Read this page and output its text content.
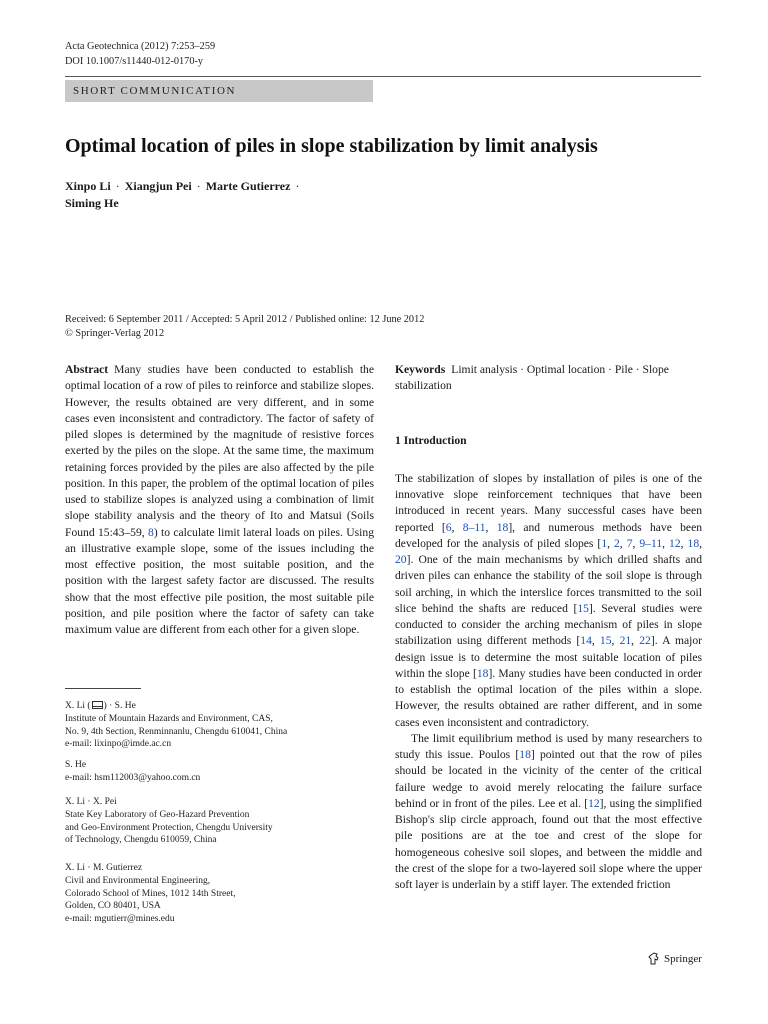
Acta Geotechnica (2012) 7:253–259
DOI 10.1007/s11440-012-0170-y
SHORT COMMUNICATION
Optimal location of piles in slope stabilization by limit analysis
Xinpo Li · Xiangjun Pei · Marte Gutierrez ·
Siming He
Received: 6 September 2011 / Accepted: 5 April 2012 / Published online: 12 June 2012
© Springer-Verlag 2012
Abstract Many studies have been conducted to establish the optimal location of a row of piles to reinforce and stabilize slopes. However, the results obtained are very different, and in some cases even inconsistent and contradictory. The factor of safety of piled slopes is determined by the magnitude of resistive forces exerted by the piles on the slope. At the same time, the maximum retaining forces provided by the piles are also affected by the pile position. In this paper, the problem of the optimal location of piles used to stabilize slopes is analyzed using a combination of limit slope stability analysis and the theory of Ito and Matsui (Soils Found 15:43–59, 8) to calculate limit lateral loads on piles. Using an illustrative example slope, some of the issues including the most effective position, the most suitable position, and the position with the largest safety factor are discussed. The results show that the most effective pile position, the most suitable pile position, and pile position where the factor of safety can take maximum value are different from each other for a given slope.
X. Li ( ) · S. He
Institute of Mountain Hazards and Environment, CAS,
No. 9, 4th Section, Renminnanlu, Chengdu 610041, China
e-mail: lixinpo@imde.ac.cn
S. He
e-mail: hsm112003@yahoo.com.cn
X. Li · X. Pei
State Key Laboratory of Geo-Hazard Prevention
and Geo-Environment Protection, Chengdu University
of Technology, Chengdu 610059, China
X. Li · M. Gutierrez
Civil and Environmental Engineering,
Colorado School of Mines, 1012 14th Street,
Golden, CO 80401, USA
e-mail: mgutierr@mines.edu
Keywords Limit analysis · Optimal location · Pile · Slope stabilization
1 Introduction

The stabilization of slopes by installation of piles is one of the innovative slope reinforcement techniques that have been introduced in recent years. Many successful cases have been reported [6, 8–11, 18], and numerous methods have been developed for the analysis of piled slopes [1, 2, 7, 9–11, 12, 18, 20]. One of the main mechanisms by which drilled shafts and driven piles can enhance the stability of the soil slope is through soil arching, in which the interslice forces transmitted to the soil slice behind the shafts are reduced [15]. Several studies were conducted to consider the arching mechanism of piles in slope stabilization using different methods [14, 15, 21, 22]. A major design issue is to determine the most suitable location of piles within the slope [18]. Many studies have been conducted in order to establish the optimal location of the piles within a slope. However, the results obtained are rather different, and in some cases even inconsistent and contradictory.

The limit equilibrium method is used by many researchers to study this issue. Poulos [18] pointed out that the row of piles should be located in the vicinity of the center of the critical failure wedge to avoid merely relocating the failure surface behind or in front of the piles. Lee et al. [12], using the simplified Bishop's slip circle approach, found out that the most effective pile positions are at the toe and crest of the slope for homogeneous cohesive soil slopes, and between the middle and the crest of the slope for a two-layered soil slope where the upper soft layer is underlain by a stiff layer. The extended friction

Springer
